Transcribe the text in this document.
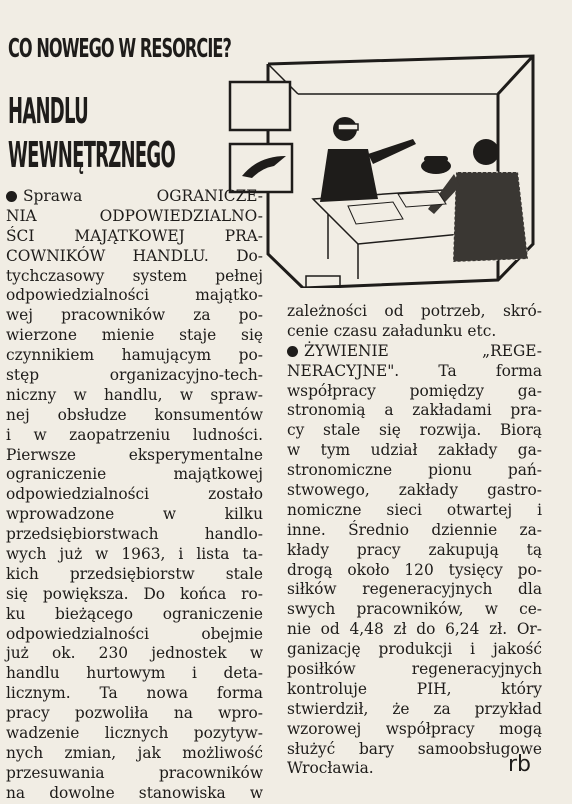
CO NOWEGO W RESORCIE?
HANDLU
WEWNĘTRZNEGO
Sprawa OGRANICZE-
NIA ODPOWIEDZIALNO-
ŚCI MAJĄTKOWEJ PRA-
COWNIKÓW HANDLU. Do-
tychczasowy system pełnej
odpowiedzialności majątko-
wej pracowników za po-
wierzone mienie staje się
czynnikiem hamującym po-
stęp organizacyjno-tech-
niczny w handlu, w spraw-
nej obsłudze konsumentów
i w zaopatrzeniu ludności.
Pierwsze eksperymentalne
ograniczenie majątkowej
odpowiedzialności zostało
wprowadzone w kilku
przedsiębiorstwach handlo-
wych już w 1963, i lista ta-
kich przedsiębiorstw stale
się powiększa. Do końca ro-
ku bieżącego ograniczenie
odpowiedzialności obejmie
już ok. 230 jednostek w
handlu hurtowym i deta-
licznym. Ta nowa forma
pracy pozwoliła na wpro-
wadzenie licznych pozytyw-
nych zmian, jak możliwość
przesuwania pracowników
na dowolne stanowiska w
zależności od potrzeb, skró-
cenie czasu załadunku etc.
ŻYWIENIE „REGE-
NERACYJNE". Ta forma
współpracy pomiędzy ga-
stronomią a zakładami pra-
cy stale się rozwija. Biorą
w tym udział zakłady ga-
stronomiczne pionu pań-
stwowego, zakłady gastro-
nomiczne sieci otwartej i
inne. Średnio dziennie za-
kłady pracy zakupują tą
drogą około 120 tysięcy po-
siłków regeneracyjnych dla
swych pracowników, w ce-
nie od 4,48 zł do 6,24 zł. Or-
ganizację produkcji i jakość
posiłków regeneracyjnych
kontroluje PIH, który
stwierdził, że za przykład
wzorowej współpracy mogą
służyć bary samoobsługowe
Wrocławia.	rb
